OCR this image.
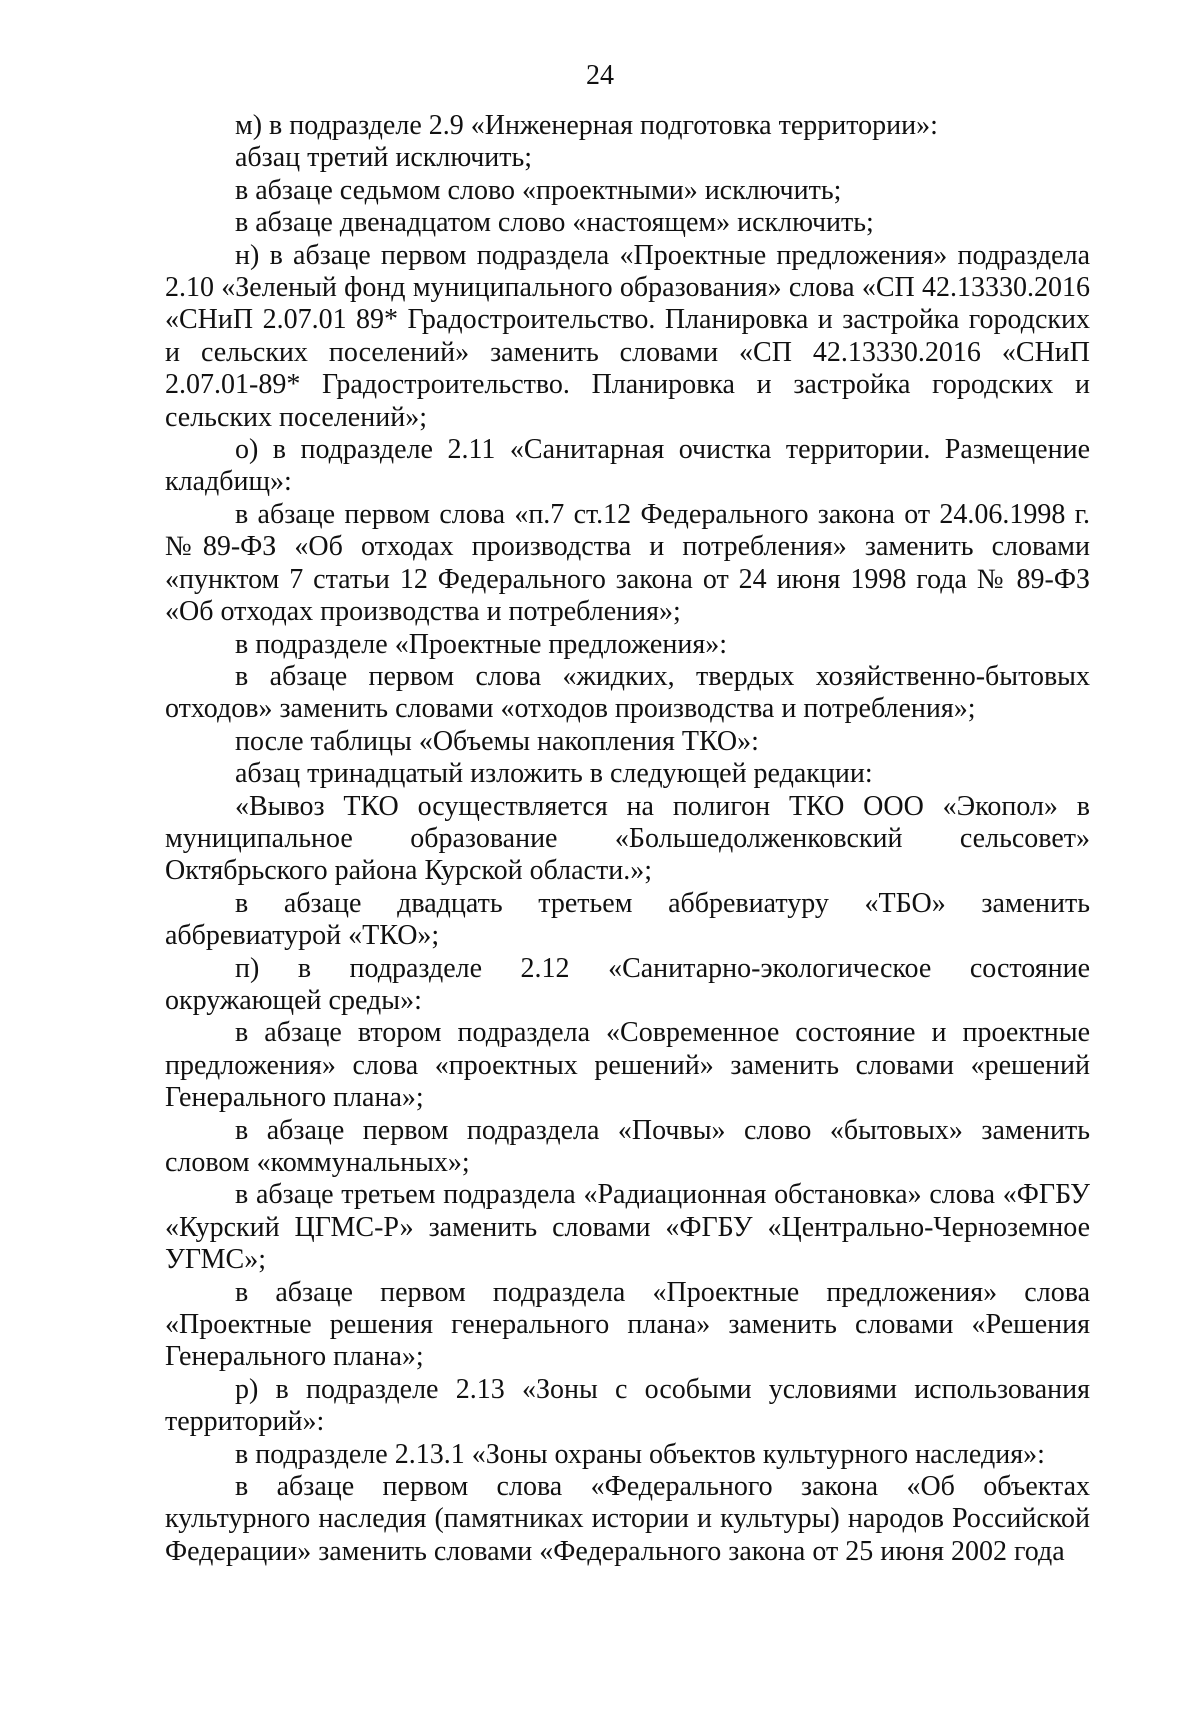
24

м) в подразделе 2.9 «Инженерная подготовка территории»:

абзац третий исключить;

в абзаце седьмом слово «проектными» исключить;

в абзаце двенадцатом слово «настоящем» исключить;

н) в абзаце первом подраздела «Проектные предложения» подраздела 2.10 «Зеленый фонд муниципального образования» слова «СП 42.13330.2016 «СНиП 2.07.01 89* Градостроительство. Планировка и застройка городских и сельских поселений» заменить словами «СП 42.13330.2016 «СНиП 2.07.01-89* Градостроительство. Планировка и застройка городских и сельских поселений»;

о) в подразделе 2.11 «Санитарная очистка территории. Размещение кладбищ»:

в абзаце первом слова «п.7 ст.12 Федерального закона от 24.06.1998 г. №89-ФЗ «Об отходах производства и потребления» заменить словами «пунктом 7 статьи 12 Федерального закона от 24 июня 1998 года № 89-ФЗ «Об отходах производства и потребления»;

в подразделе «Проектные предложения»:

в абзаце первом слова «жидких, твердых хозяйственно-бытовых отходов» заменить словами «отходов производства и потребления»;

после таблицы «Объемы накопления ТКО»:

абзац тринадцатый изложить в следующей редакции:

«Вывоз ТКО осуществляется на полигон ТКО ООО «Экопол» в муниципальное образование «Большедолженковский сельсовет» Октябрьского района Курской области.»;

в абзаце двадцать третьем аббревиатуру «ТБО» заменить аббревиатурой «ТКО»;

п) в подразделе 2.12 «Санитарно-экологическое состояние окружающей среды»:

в абзаце втором подраздела «Современное состояние и проектные предложения» слова «проектных решений» заменить словами «решений Генерального плана»;

в абзаце первом подраздела «Почвы» слово «бытовых» заменить словом «коммунальных»;

в абзаце третьем подраздела «Радиационная обстановка» слова «ФГБУ «Курский ЦГМС-Р» заменить словами «ФГБУ «Центрально-Черноземное УГМС»;

в абзаце первом подраздела «Проектные предложения» слова «Проектные решения генерального плана» заменить словами «Решения Генерального плана»;

р) в подразделе 2.13 «Зоны с особыми условиями использования территорий»:

в подразделе 2.13.1 «Зоны охраны объектов культурного наследия»:

в абзаце первом слова «Федерального закона «Об объектах культурного наследия (памятниках истории и культуры) народов Российской Федерации» заменить словами «Федерального закона от 25 июня 2002 года
